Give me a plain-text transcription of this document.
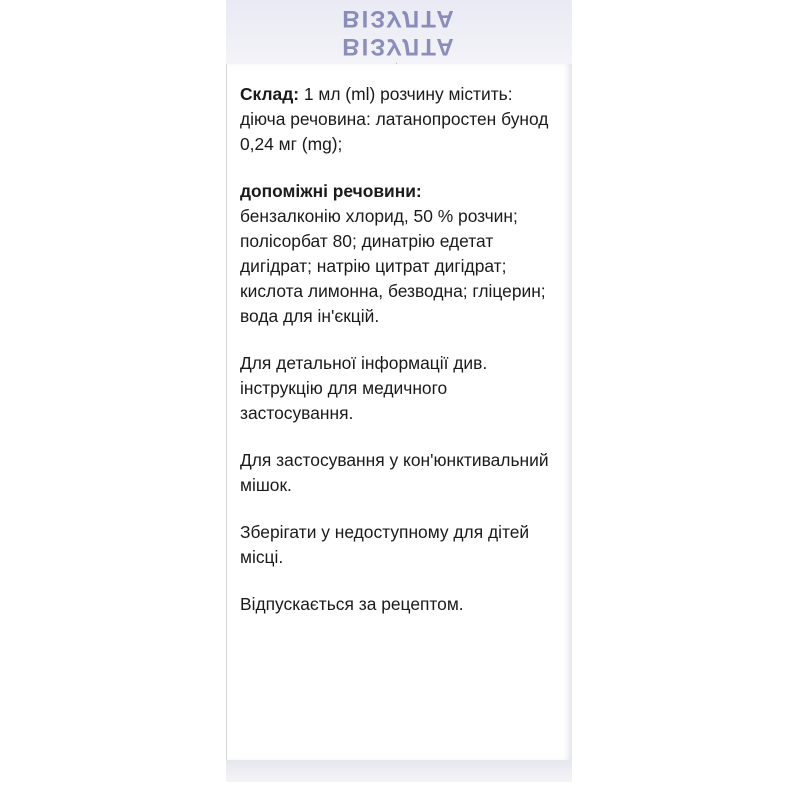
ВІЗУЛТА
ВІЗУЛТА

Склад: 1 мл (ml) розчину містить: діюча речовина: латанопростен бунод 0,24 мг (mg);

допоміжні речовини:
бензалконію хлорид, 50 % розчин; полісорбат 80; динатрію едетат дигідрат; натрію цитрат дигідрат; кислота лимонна, безводна; гліцерин; вода для ін'єкцій.

Для детальної інформації див. інструкцію для медичного застосування.

Для застосування у кон'юнктивальний мішок.

Зберігати у недоступному для дітей місці.

Відпускається за рецептом.
